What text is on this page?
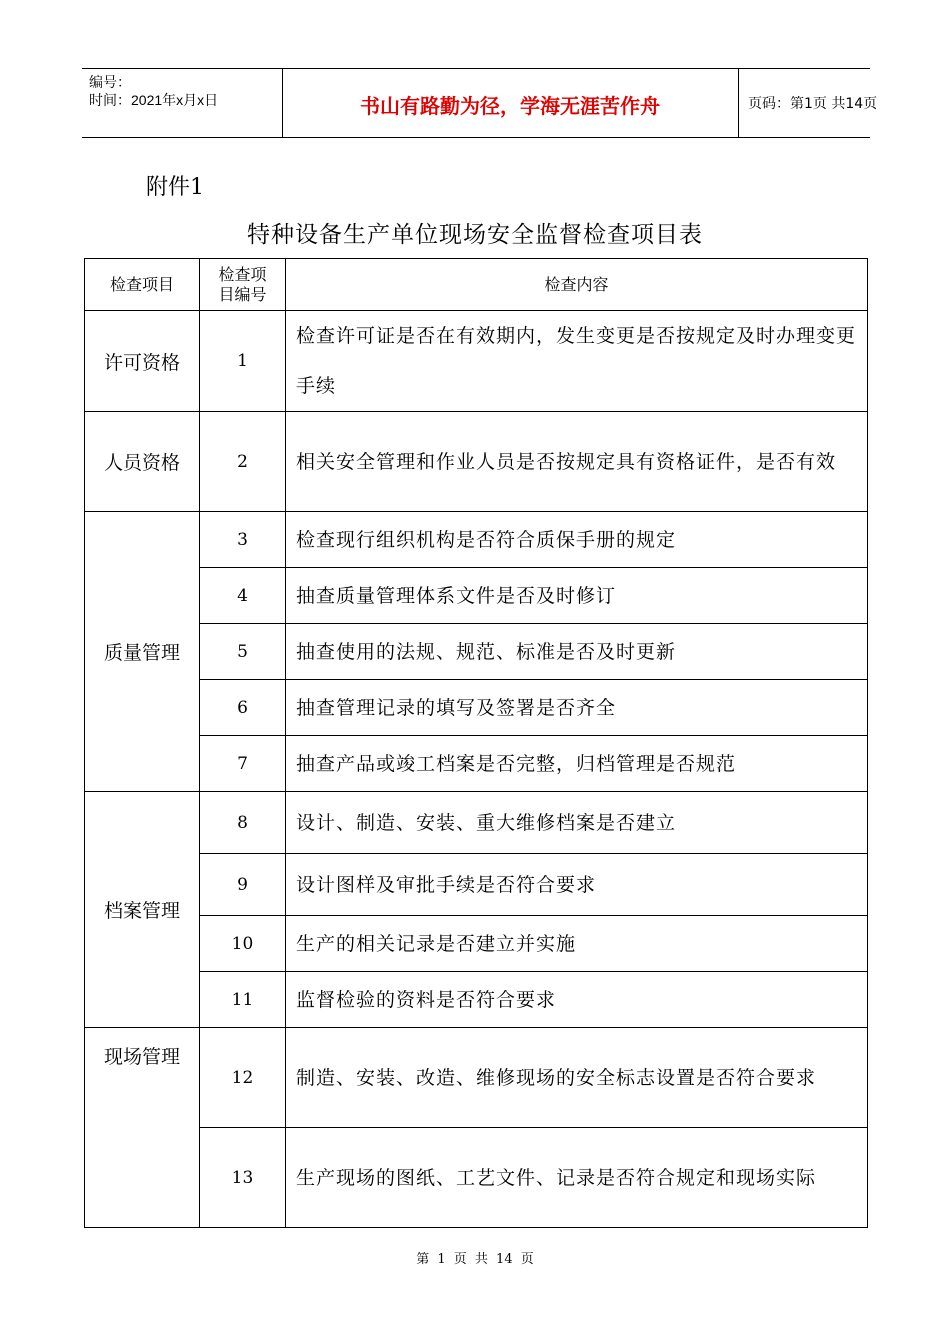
编号：
时间：2021年x月x日	书山有路勤为径，学海无涯苦作舟	页码：第1页 共14页
附件1
特种设备生产单位现场安全监督检查项目表
检查项目	检查项目编号	检查内容
许可资格	1	检查许可证是否在有效期内，发生变更是否按规定及时办理变更手续
人员资格	2	相关安全管理和作业人员是否按规定具有资格证件，是否有效
质量管理	3	检查现行组织机构是否符合质保手册的规定
	4	抽查质量管理体系文件是否及时修订
	5	抽查使用的法规、规范、标准是否及时更新
	6	抽查管理记录的填写及签署是否齐全
	7	抽查产品或竣工档案是否完整，归档管理是否规范
档案管理	8	设计、制造、安装、重大维修档案是否建立
	9	设计图样及审批手续是否符合要求
	10	生产的相关记录是否建立并实施
	11	监督检验的资料是否符合要求
现场管理	12	制造、安装、改造、维修现场的安全标志设置是否符合要求
	13	生产现场的图纸、工艺文件、记录是否符合规定和现场实际
第 1 页 共 14 页
